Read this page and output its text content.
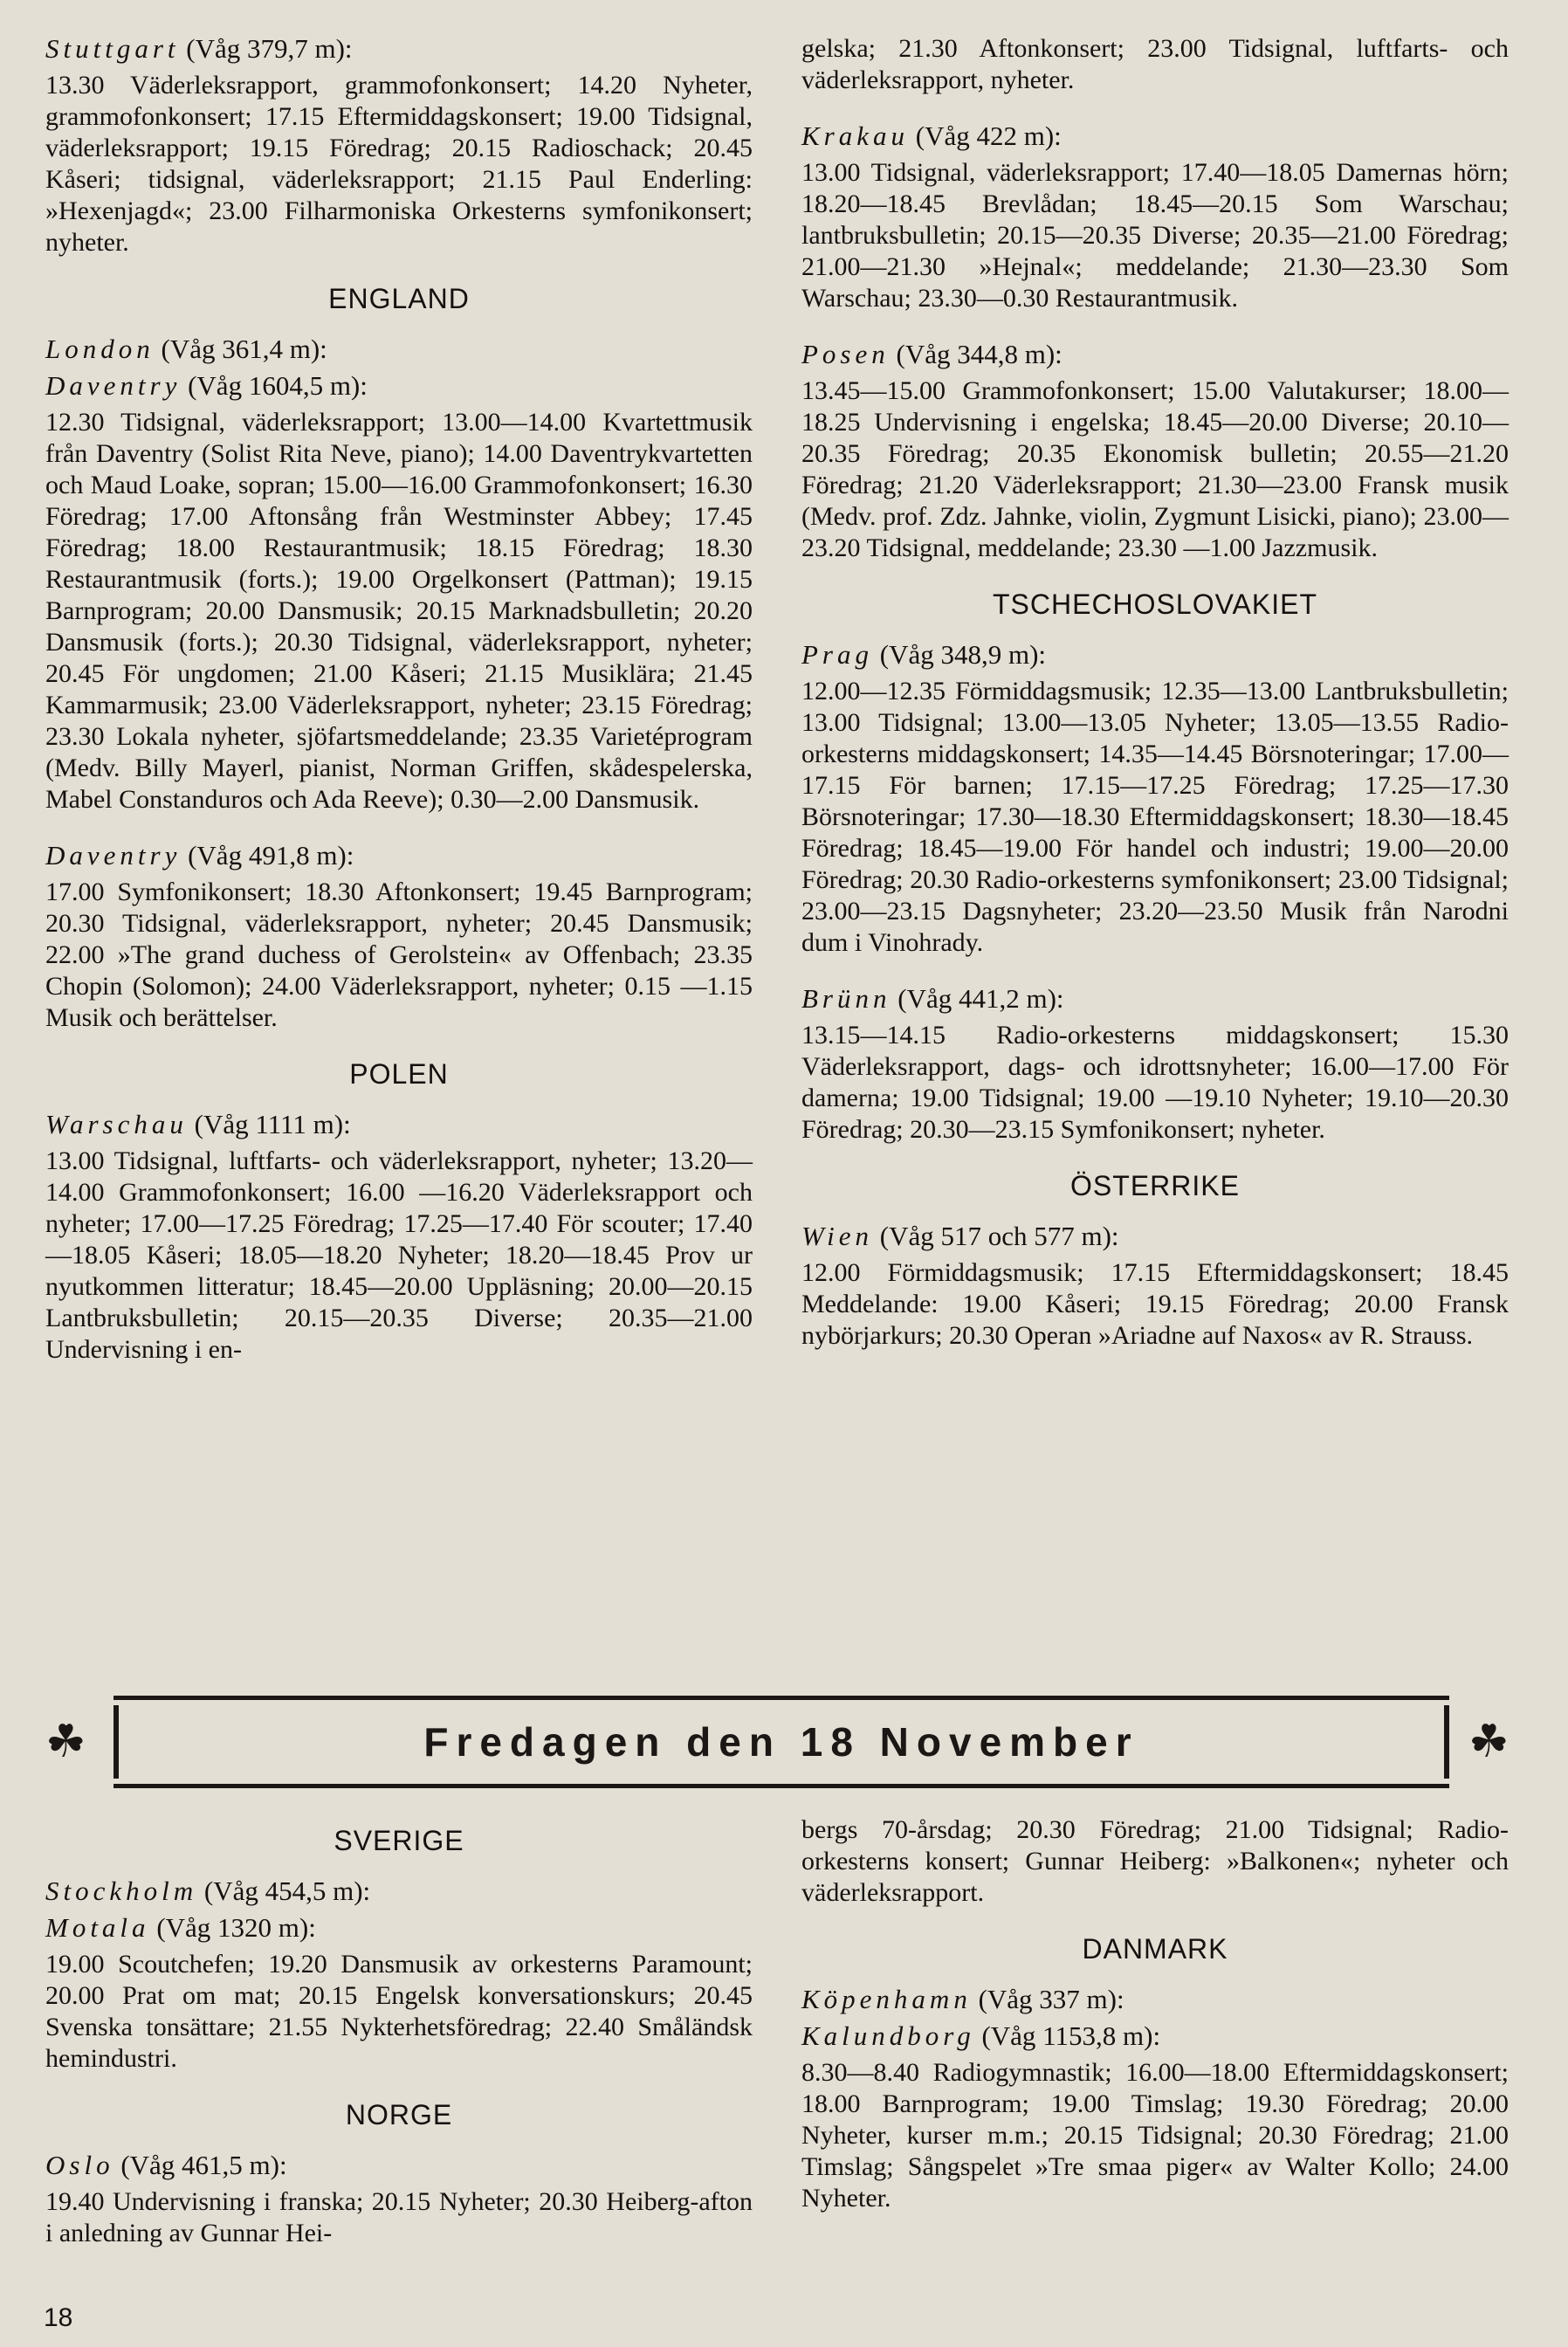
Stuttgart (Våg 379,7 m):

13.30 Väderleksrapport, grammofonkonsert; 14.20 Nyheter, grammofonkonsert; 17.15 Eftermiddagskonsert; 19.00 Tidsignal, väderleksrapport; 19.15 Föredrag; 20.15 Radioschack; 20.45 Kåseri; tidsignal, väderleksrapport; 21.15 Paul Enderling: »Hexenjagd«; 23.00 Filharmoniska Orkesterns symfonikonsert; nyheter.

ENGLAND
London (Våg 361,4 m):
Daventry (Våg 1604,5 m):

12.30 Tidsignal, väderleksrapport; 13.00—14.00 Kvartettmusik från Daventry (Solist Rita Neve, piano); 14.00 Daventrykvartetten och Maud Loake, sopran; 15.00—16.00 Grammofonkonsert; 16.30 Föredrag; 17.00 Aftonsång från Westminster Abbey; 17.45 Föredrag; 18.00 Restaurantmusik; 18.15 Föredrag; 18.30 Restaurantmusik (forts.); 19.00 Orgelkonsert (Pattman); 19.15 Barnprogram; 20.00 Dansmusik; 20.15 Marknadsbulletin; 20.20 Dansmusik (forts.); 20.30 Tidsignal, väderleksrapport, nyheter; 20.45 För ungdomen; 21.00 Kåseri; 21.15 Musiklära; 21.45 Kammarmusik; 23.00 Väderleksrapport, nyheter; 23.15 Föredrag; 23.30 Lokala nyheter, sjöfartsmeddelande; 23.35 Varietéprogram (Medv. Billy Mayerl, pianist, Norman Griffen, skådespelerska, Mabel Constanduros och Ada Reeve); 0.30—2.00 Dansmusik.

Daventry (Våg 491,8 m):

17.00 Symfonikonsert; 18.30 Aftonkonsert; 19.45 Barnprogram; 20.30 Tidsignal, väderleksrapport, nyheter; 20.45 Dansmusik; 22.00 »The grand duchess of Gerolstein« av Offenbach; 23.35 Chopin (Solomon); 24.00 Väderleksrapport, nyheter; 0.15 —1.15 Musik och berättelser.

POLEN
Warschau (Våg 1111 m):

13.00 Tidsignal, luftfarts- och väderleksrapport, nyheter; 13.20—14.00 Grammofonkonsert; 16.00 —16.20 Väderleksrapport och nyheter; 17.00—17.25 Föredrag; 17.25—17.40 För scouter; 17.40—18.05 Kåseri; 18.05—18.20 Nyheter; 18.20—18.45 Prov ur nyutkommen litteratur; 18.45—20.00 Uppläsning; 20.00—20.15 Lantbruksbulletin; 20.15—20.35 Diverse; 20.35—21.00 Undervisning i en-

gelska; 21.30 Aftonkonsert; 23.00 Tidsignal, luftfarts- och väderleksrapport, nyheter.

Krakau (Våg 422 m):

13.00 Tidsignal, väderleksrapport; 17.40—18.05 Damernas hörn; 18.20—18.45 Brevlådan; 18.45—20.15 Som Warschau; lantbruksbulletin; 20.15—20.35 Diverse; 20.35—21.00 Föredrag; 21.00—21.30 »Hejnal«; meddelande; 21.30—23.30 Som Warschau; 23.30—0.30 Restaurantmusik.

Posen (Våg 344,8 m):

13.45—15.00 Grammofonkonsert; 15.00 Valutakurser; 18.00—18.25 Undervisning i engelska; 18.45—20.00 Diverse; 20.10—20.35 Föredrag; 20.35 Ekonomisk bulletin; 20.55—21.20 Föredrag; 21.20 Väderleksrapport; 21.30—23.00 Fransk musik (Medv. prof. Zdz. Jahnke, violin, Zygmunt Lisicki, piano); 23.00—23.20 Tidsignal, meddelande; 23.30 —1.00 Jazzmusik.

TSCHECHOSLOVAKIET
Prag (Våg 348,9 m):

12.00—12.35 Förmiddagsmusik; 12.35—13.00 Lantbruksbulletin; 13.00 Tidsignal; 13.00—13.05 Nyheter; 13.05—13.55 Radio-orkesterns middagskonsert; 14.35—14.45 Börsnoteringar; 17.00—17.15 För barnen; 17.15—17.25 Föredrag; 17.25—17.30 Börsnoteringar; 17.30—18.30 Eftermiddagskonsert; 18.30—18.45 Föredrag; 18.45—19.00 För handel och industri; 19.00—20.00 Föredrag; 20.30 Radio-orkesterns symfonikonsert; 23.00 Tidsignal; 23.00—23.15 Dagsnyheter; 23.20—23.50 Musik från Narodni dum i Vinohrady.

Brünn (Våg 441,2 m):

13.15—14.15 Radio-orkesterns middagskonsert; 15.30 Väderleksrapport, dags- och idrottsnyheter; 16.00—17.00 För damerna; 19.00 Tidsignal; 19.00 —19.10 Nyheter; 19.10—20.30 Föredrag; 20.30—23.15 Symfonikonsert; nyheter.

ÖSTERRIKE
Wien (Våg 517 och 577 m):

12.00 Förmiddagsmusik; 17.15 Eftermiddagskonsert; 18.45 Meddelande: 19.00 Kåseri; 19.15 Föredrag; 20.00 Fransk nybörjarkurs; 20.30 Operan »Ariadne auf Naxos« av R. Strauss.

☘	Fredagen den 18 November	☘
SVERIGE
Stockholm (Våg 454,5 m):
Motala (Våg 1320 m):

19.00 Scoutchefen; 19.20 Dansmusik av orkesterns Paramount; 20.00 Prat om mat; 20.15 Engelsk konversationskurs; 20.45 Svenska tonsättare; 21.55 Nykterhetsföredrag; 22.40 Småländsk hemindustri.

NORGE
Oslo (Våg 461,5 m):

19.40 Undervisning i franska; 20.15 Nyheter; 20.30 Heiberg-afton i anledning av Gunnar Hei-

bergs 70-årsdag; 20.30 Föredrag; 21.00 Tidsignal; Radio-orkesterns konsert; Gunnar Heiberg: »Balkonen«; nyheter och väderleksrapport.

DANMARK
Köpenhamn (Våg 337 m):
Kalundborg (Våg 1153,8 m):

8.30—8.40 Radiogymnastik; 16.00—18.00 Eftermiddagskonsert; 18.00 Barnprogram; 19.00 Timslag; 19.30 Föredrag; 20.00 Nyheter, kurser m.m.; 20.15 Tidsignal; 20.30 Föredrag; 21.00 Timslag; Sångspelet »Tre smaa piger« av Walter Kollo; 24.00 Nyheter.

18
